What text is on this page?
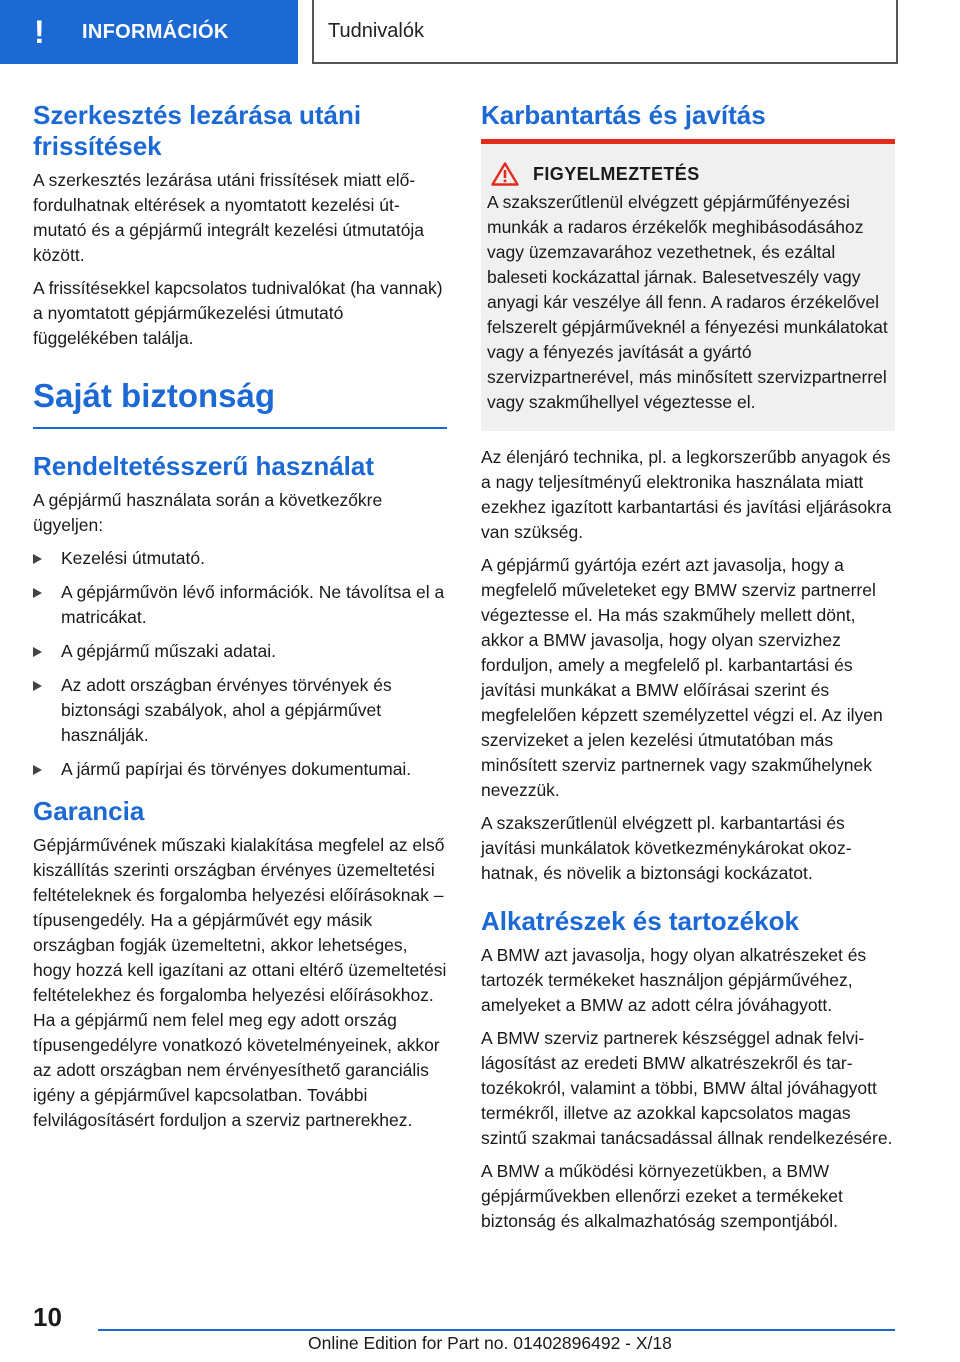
!	INFORMÁCIÓK	Tudnivalók
Szerkesztés lezárása utáni frissítések

A szerkesztés lezárása utáni frissítések miatt előfordulhatnak eltérések a nyomtatott kezelési útmutató és a gépjármű integrált kezelési útmutatója között.

A frissítésekkel kapcsolatos tudnivalókat (ha vannak) a nyomtatott gépjárműkezelési útmutató függelékében találja.

Saját biztonság
Rendeltetésszerű használat

A gépjármű használata során a következőkre ügyeljen:

Kezelési útmutató.
A gépjárművön lévő információk. Ne távolítsa el a matricákat.
A gépjármű műszaki adatai.
Az adott országban érvényes törvények és biztonsági szabályok, ahol a gépjárművet használják.
A jármű papírjai és törvényes dokumentumai.
Garancia

Gépjárművének műszaki kialakítása megfelel az első kiszállítás szerinti országban érvényes üzemeltetési feltételeknek és forgalomba helyezési előírásoknak – típusengedély. Ha a gépjárművét egy másik országban fogják üzemeltetni, akkor lehetséges, hogy hozzá kell igazítani az ottani eltérő üzemeltetési feltételekhez és forgalomba helyezési előírásokhoz. Ha a gépjármű nem felel meg egy adott ország típusengedélyre vonatkozó követelményeinek, akkor az adott országban nem érvényesíthető garanciális igény a gépjárművel kapcsolatban. További felvilágosításért forduljon a szerviz partnerekhez.

Karbantartás és javítás
FIGYELMEZTETÉS

A szakszerűtlenül elvégzett gépjárműfényezési munkák a radaros érzékelők meghibásodásához vagy üzemzavarához vezethetnek, és ezáltal baleseti kockázattal járnak. Balesetveszély vagy anyagi kár veszélye áll fenn. A radaros érzékelővel felszerelt gépjárműveknél a fényezési munkálatokat vagy a fényezés javítását a gyártó szervizpartnerével, más minősített szervizpartnerrel vagy szakműhellyel végeztesse el.

Az élenjáró technika, pl. a legkorszerűbb anyagok és a nagy teljesítményű elektronika használata miatt ezekhez igazított karbantartási és javítási eljárásokra van szükség.

A gépjármű gyártója ezért azt javasolja, hogy a megfelelő műveleteket egy BMW szerviz partnerrel végeztesse el. Ha más szakműhely mellett dönt, akkor a BMW javasolja, hogy olyan szervizhez forduljon, amely a megfelelő pl. karbantartási és javítási munkákat a BMW előírásai szerint és megfelelően képzett személyzettel végzi el. Az ilyen szervizeket a jelen kezelési útmutatóban más minősített szerviz partnernek vagy szakműhelynek nevezzük.

A szakszerűtlenül elvégzett pl. karbantartási és javítási munkálatok következménykárokat okozhatnak, és növelik a biztonsági kockázatot.

Alkatrészek és tartozékok

A BMW azt javasolja, hogy olyan alkatrészeket és tartozék termékeket használjon gépjárművéhez, amelyeket a BMW az adott célra jóváhagyott.

A BMW szerviz partnerek készséggel adnak felvilágosítást az eredeti BMW alkatrészekről és tartozékokról, valamint a többi, BMW által jóváhagyott termékről, illetve az azokkal kapcsolatos magas szintű szakmai tanácsadással állnak rendelkezésére.

A BMW a működési környezetükben, a BMW gépjárművekben ellenőrzi ezeket a termékeket biztonság és alkalmazhatóság szempontjából.

10
Online Edition for Part no. 01402896492 - X/18
